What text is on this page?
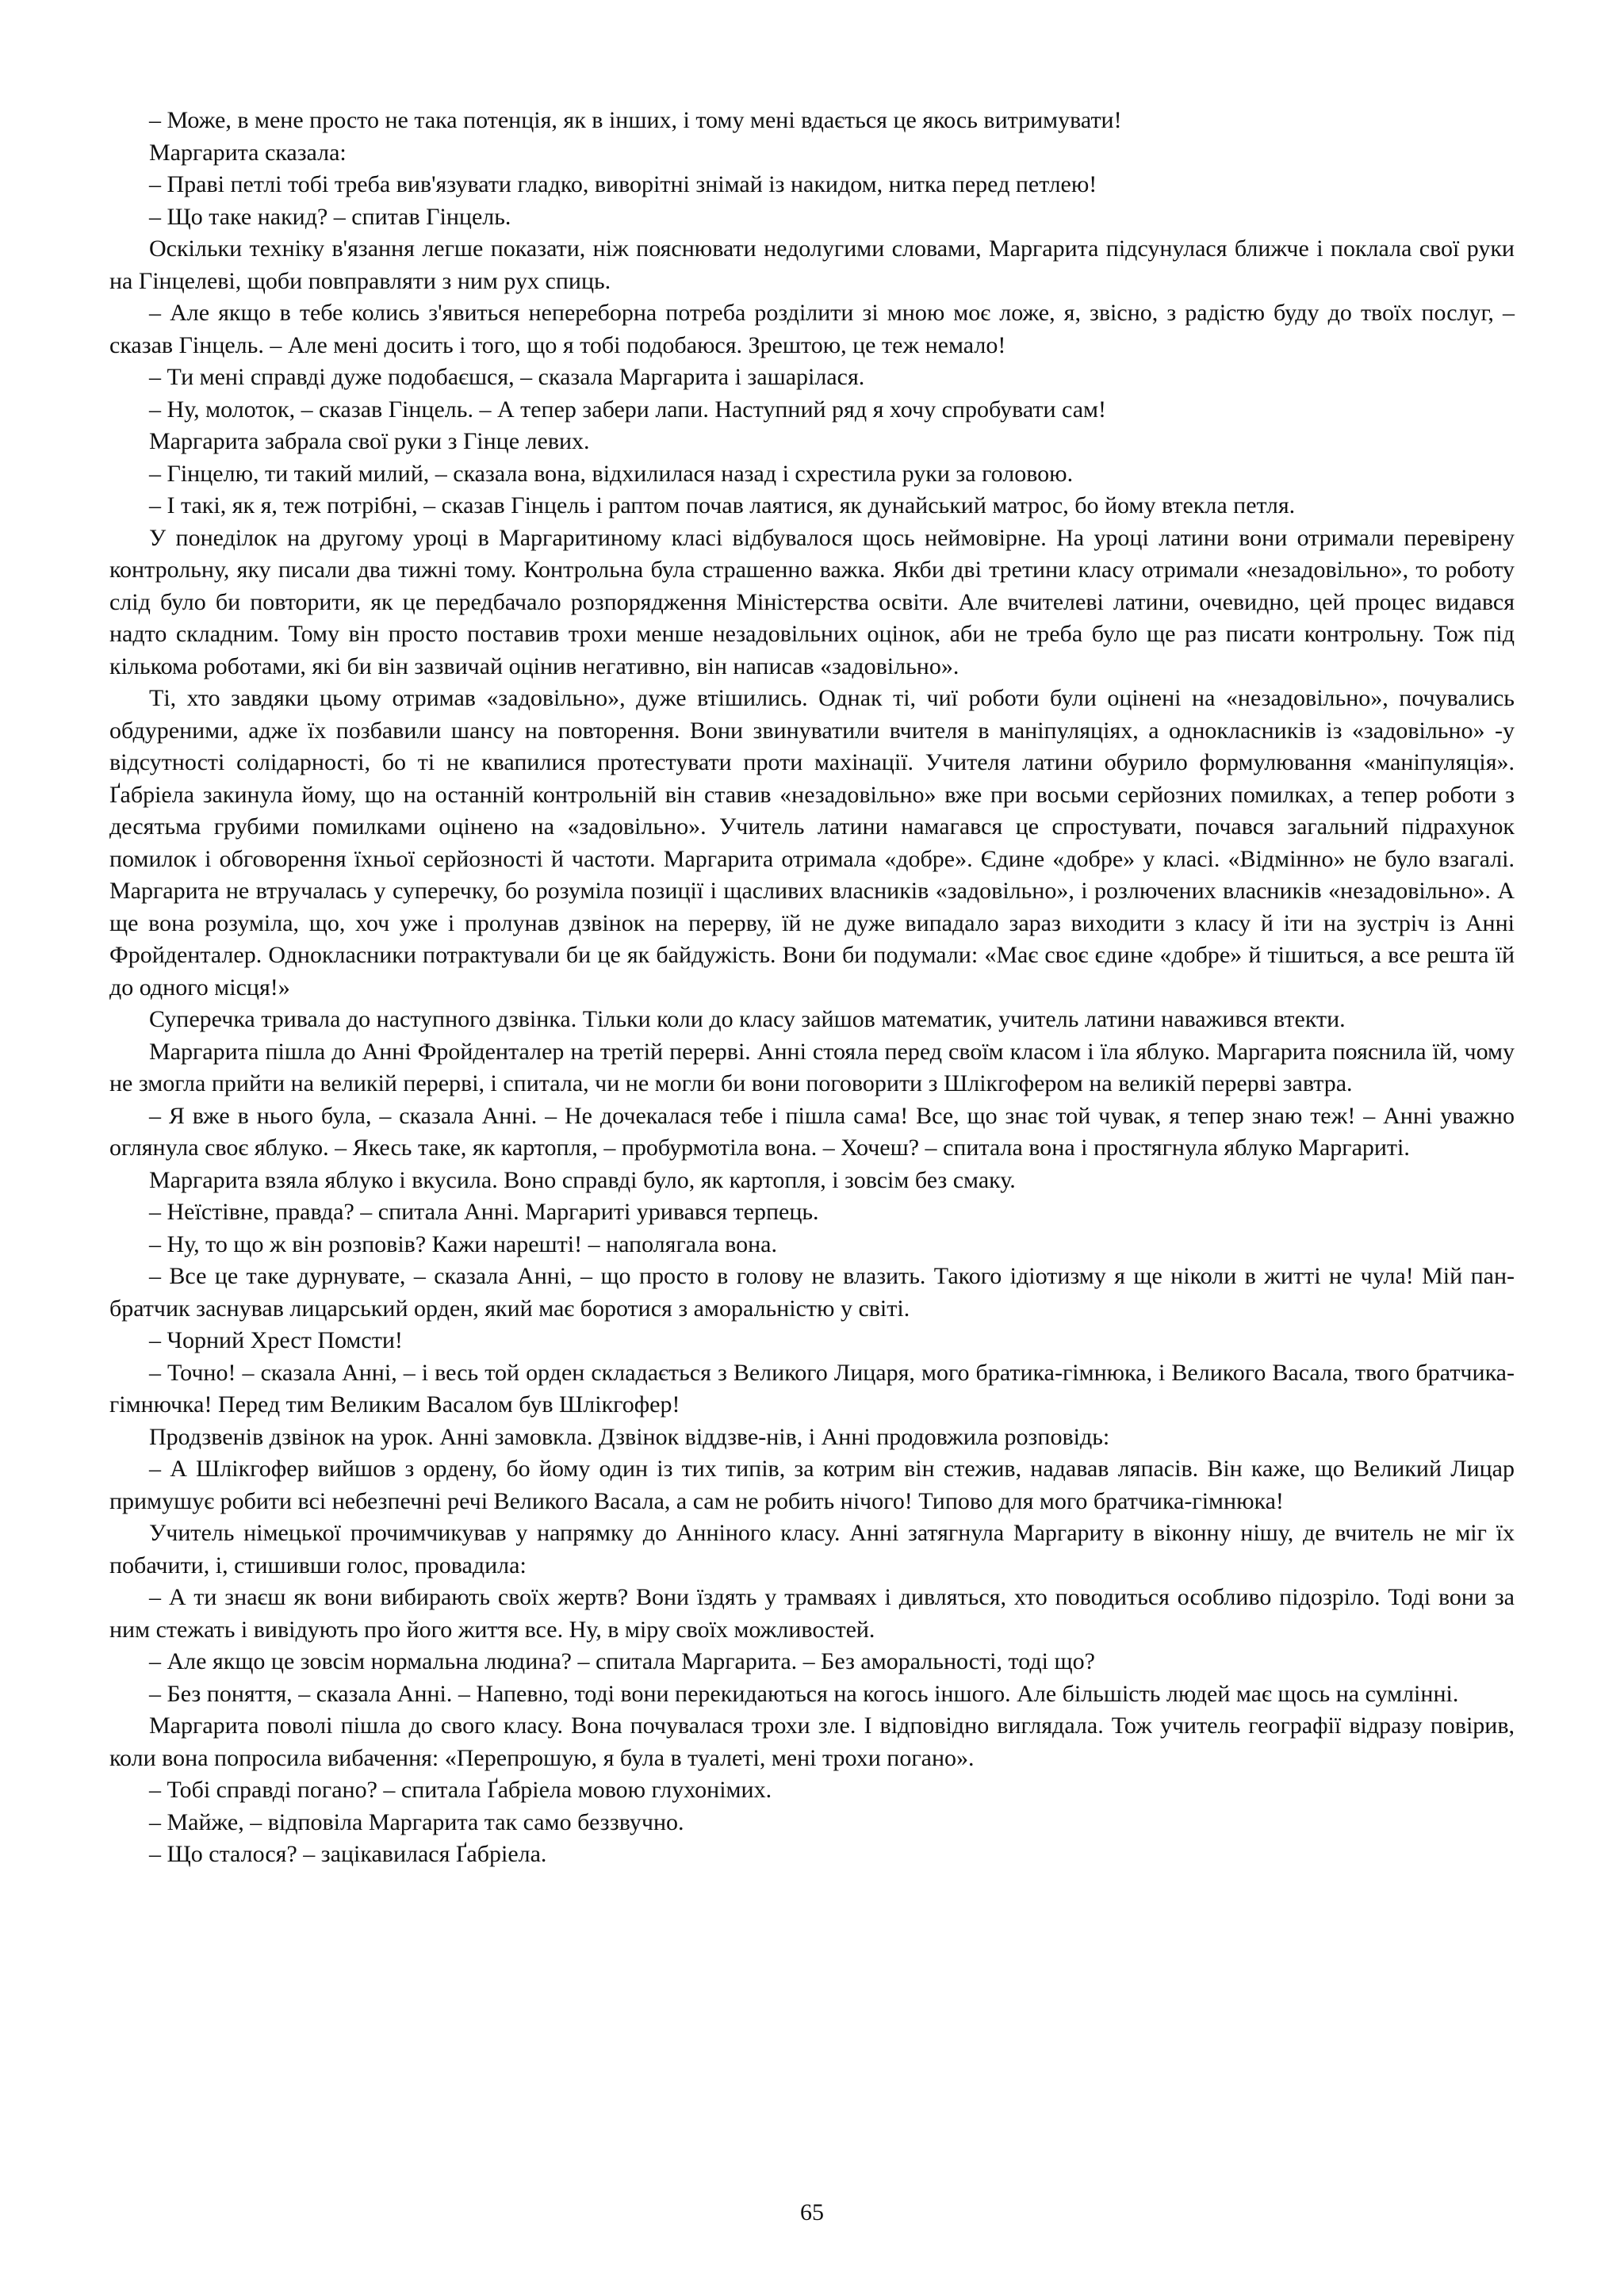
– Може, в мене просто не така потенція, як в інших, і тому мені вдається це якось витримувати!

Маргарита сказала:

– Праві петлі тобі треба вив'язувати гладко, виворітні знімай із накидом, нитка перед петлею!

– Що таке накид? – спитав Гінцель.

Оскільки техніку в'язання легше показати, ніж пояснювати недолугими словами, Маргарита підсунулася ближче і поклала свої руки на Гінцелеві, щоби повправляти з ним рух спиць.

– Але якщо в тебе колись з'явиться непереборна потреба розділити зі мною моє ложе, я, звісно, з радістю буду до твоїх послуг, – сказав Гінцель. – Але мені досить і того, що я тобі подобаюся. Зрештою, це теж немало!

– Ти мені справді дуже подобаєшся, – сказала Маргарита і зашарілася.

– Ну, молоток, – сказав Гінцель. – А тепер забери лапи. Наступний ряд я хочу спробувати сам!

Маргарита забрала свої руки з Гінце левих.

– Гінцелю, ти такий милий, – сказала вона, відхилилася назад і схрестила руки за головою.

– І такі, як я, теж потрібні, – сказав Гінцель і раптом почав лаятися, як дунайський матрос, бо йому втекла петля.

У понеділок на другому уроці в Маргаритиному класі відбувалося щось неймовірне. На уроці латини вони отримали перевірену контрольну, яку писали два тижні тому. Контрольна була страшенно важка. Якби дві третини класу отримали «незадовільно», то роботу слід було би повторити, як це передбачало розпорядження Міністерства освіти. Але вчителеві латини, очевидно, цей процес видався надто складним. Тому він просто поставив трохи менше незадовільних оцінок, аби не треба було ще раз писати контрольну. Тож під кількома роботами, які би він зазвичай оцінив негативно, він написав «задовільно».

Ті, хто завдяки цьому отримав «задовільно», дуже втішились. Однак ті, чиї роботи були оцінені на «незадовільно», почувались обдуреними, адже їх позбавили шансу на повторення. Вони звинуватили вчителя в маніпуляціях, а однокласників із «задовільно» -у відсутності солідарності, бо ті не квапилися протестувати проти махінації. Учителя латини обурило формулювання «маніпуляція». Ґабріела закинула йому, що на останній контрольній він ставив «незадовільно» вже при восьми серйозних помилках, а тепер роботи з десятьма грубими помилками оцінено на «задовільно». Учитель латини намагався це спростувати, почався загальний підрахунок помилок і обговорення їхньої серйозності й частоти. Маргарита отримала «добре». Єдине «добре» у класі. «Відмінно» не було взагалі. Маргарита не втручалась у суперечку, бо розуміла позиції і щасливих власників «задовільно», і розлючених власників «незадовільно». А ще вона розуміла, що, хоч уже і пролунав дзвінок на перерву, їй не дуже випадало зараз виходити з класу й іти на зустріч із Анні Фройденталер. Однокласники потрактували би це як байдужість. Вони би подумали: «Має своє єдине «добре» й тішиться, а все решта їй до одного місця!»

Суперечка тривала до наступного дзвінка. Тільки коли до класу зайшов математик, учитель латини наважився втекти.

Маргарита пішла до Анні Фройденталер на третій перерві. Анні стояла перед своїм класом і їла яблуко. Маргарита пояснила їй, чому не змогла прийти на великій перерві, і спитала, чи не могли би вони поговорити з Шлікгофером на великій перерві завтра.

– Я вже в нього була, – сказала Анні. – Не дочекалася тебе і пішла сама! Все, що знає той чувак, я тепер знаю теж! – Анні уважно оглянула своє яблуко. – Якесь таке, як картопля, – пробурмотіла вона. – Хочеш? – спитала вона і простягнула яблуко Маргариті.

Маргарита взяла яблуко і вкусила. Воно справді було, як картопля, і зовсім без смаку.

– Неїстівне, правда? – спитала Анні. Маргариті уривався терпець.

– Ну, то що ж він розповів? Кажи нарешті! – наполягала вона.

– Все це таке дурнувате, – сказала Анні, – що просто в голову не влазить. Такого ідіотизму я ще ніколи в житті не чула! Мій пан-братчик заснував лицарський орден, який має боротися з аморальністю у світі.

– Чорний Хрест Помсти!

– Точно! – сказала Анні, – і весь той орден складається з Великого Лицаря, мого братика-гімнюка, і Великого Васала, твого братчика-гімнючка! Перед тим Великим Васалом був Шлікгофер!

Продзвенів дзвінок на урок. Анні замовкла. Дзвінок віддзве-нів, і Анні продовжила розповідь:

– А Шлікгофер вийшов з ордену, бо йому один із тих типів, за котрим він стежив, надавав ляпасів. Він каже, що Великий Лицар примушує робити всі небезпечні речі Великого Васала, а сам не робить нічого! Типово для мого братчика-гімнюка!

Учитель німецької прочимчикував у напрямку до Анніного класу. Анні затягнула Маргариту в віконну нішу, де вчитель не міг їх побачити, і, стишивши голос, провадила:

– А ти знаєш як вони вибирають своїх жертв? Вони їздять у трамваях і дивляться, хто поводиться особливо підозріло. Тоді вони за ним стежать і вивідують про його життя все. Ну, в міру своїх можливостей.

– Але якщо це зовсім нормальна людина? – спитала Маргарита. – Без аморальності, тоді що?

– Без поняття, – сказала Анні. – Напевно, тоді вони перекидаються на когось іншого. Але більшість людей має щось на сумлінні.

Маргарита поволі пішла до свого класу. Вона почувалася трохи зле. І відповідно виглядала. Тож учитель географії відразу повірив, коли вона попросила вибачення: «Перепрошую, я була в туалеті, мені трохи погано».

– Тобі справді погано? – спитала Ґабріела мовою глухонімих.

– Майже, – відповіла Маргарита так само беззвучно.

– Що сталося? – зацікавилася Ґабріела.

65
